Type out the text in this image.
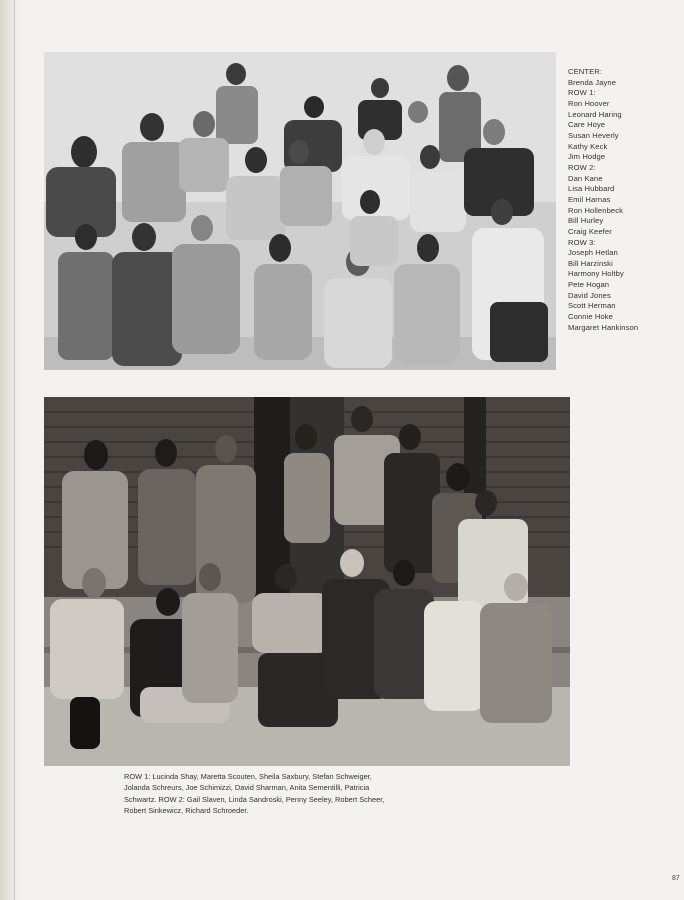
CENTER:
Brenda Jayne
ROW 1:
Ron Hoover
Leonard Haring
Care Hoye
Susan Heverly
Kathy Keck
Jim Hodge
ROW 2:
Dan Kane
Lisa Hubbard
Emil Harnas
Ron Hollenbeck
Bill Hurley
Craig Keefer
ROW 3:
Joseph Hetlan
Bill Harzinski
Harmony Holtby
Pete Hogan
David Jones
Scott Herman
Connie Hoke
Margaret Hankinson
ROW 1: Lucinda Shay, Maretta Scouten, Sheila Saxbury, Stefan Schweiger,
Jolanda Schreurs, Joe Schimizzi, David Sharman, Anita Sementilli, Patricia
Schwartz. ROW 2: Gail Slaven, Linda Sandroski, Penny Seeley, Robert Scheer,
Robert Sinkewicz, Richard Schroeder.
87
